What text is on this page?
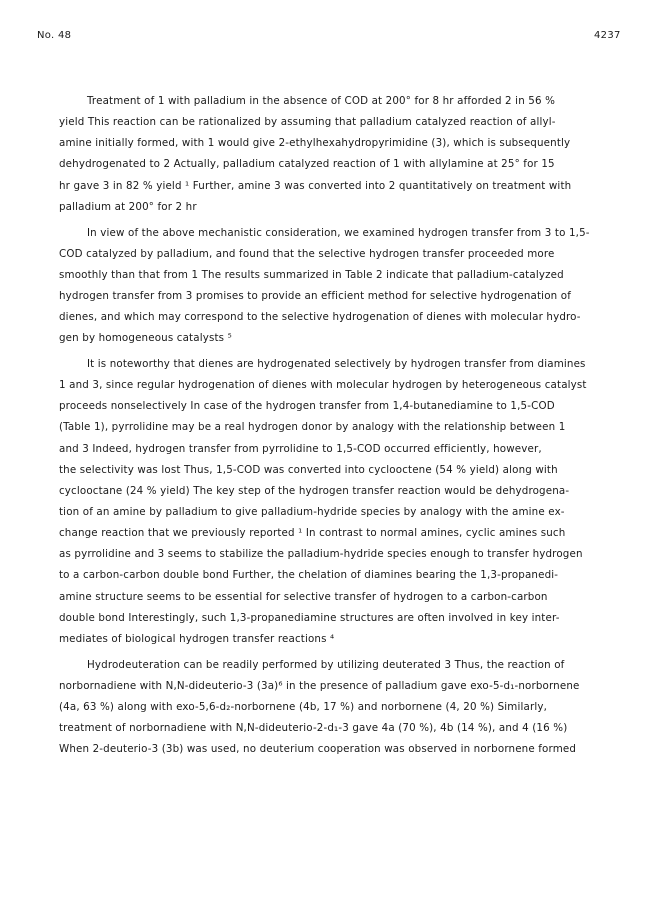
No. 48	4237

Treatment of 1 with palladium in the absence of COD at 200° for 8 hr afforded 2 in 56 %
yield This reaction can be rationalized by assuming that palladium catalyzed reaction of allyl-
amine initially formed, with 1 would give 2-ethylhexahydropyrimidine (3), which is subsequently
dehydrogenated to 2 Actually, palladium catalyzed reaction of 1 with allylamine at 25° for 15
hr gave 3 in 82 % yield ¹ Further, amine 3 was converted into 2 quantitatively on treatment with
palladium at 200° for 2 hr

In view of the above mechanistic consideration, we examined hydrogen transfer from 3 to 1,5-
COD catalyzed by palladium, and found that the selective hydrogen transfer proceeded more
smoothly than that from 1 The results summarized in Table 2 indicate that palladium-catalyzed
hydrogen transfer from 3 promises to provide an efficient method for selective hydrogenation of
dienes, and which may correspond to the selective hydrogenation of dienes with molecular hydro-
gen by homogeneous catalysts ⁵

It is noteworthy that dienes are hydrogenated selectively by hydrogen transfer from diamines
1 and 3, since regular hydrogenation of dienes with molecular hydrogen by heterogeneous catalyst
proceeds nonselectively In case of the hydrogen transfer from 1,4-butanediamine to 1,5-COD
(Table 1), pyrrolidine may be a real hydrogen donor by analogy with the relationship between 1
and 3 Indeed, hydrogen transfer from pyrrolidine to 1,5-COD occurred efficiently, however,
the selectivity was lost Thus, 1,5-COD was converted into cyclooctene (54 % yield) along with
cyclooctane (24 % yield) The key step of the hydrogen transfer reaction would be dehydrogena-
tion of an amine by palladium to give palladium-hydride species by analogy with the amine ex-
change reaction that we previously reported ¹ In contrast to normal amines, cyclic amines such
as pyrrolidine and 3 seems to stabilize the palladium-hydride species enough to transfer hydrogen
to a carbon-carbon double bond Further, the chelation of diamines bearing the 1,3-propanedi-
amine structure seems to be essential for selective transfer of hydrogen to a carbon-carbon
double bond Interestingly, such 1,3-propanediamine structures are often involved in key inter-
mediates of biological hydrogen transfer reactions ⁴

Hydrodeuteration can be readily performed by utilizing deuterated 3 Thus, the reaction of
norbornadiene with N,N-dideuterio-3 (3a)⁶ in the presence of palladium gave exo-5-d₁-norbornene
(4a, 63 %) along with exo-5,6-d₂-norbornene (4b, 17 %) and norbornene (4, 20 %) Similarly,
treatment of norbornadiene with N,N-dideuterio-2-d₁-3 gave 4a (70 %), 4b (14 %), and 4 (16 %)
When 2-deuterio-3 (3b) was used, no deuterium cooperation was observed in norbornene formed
